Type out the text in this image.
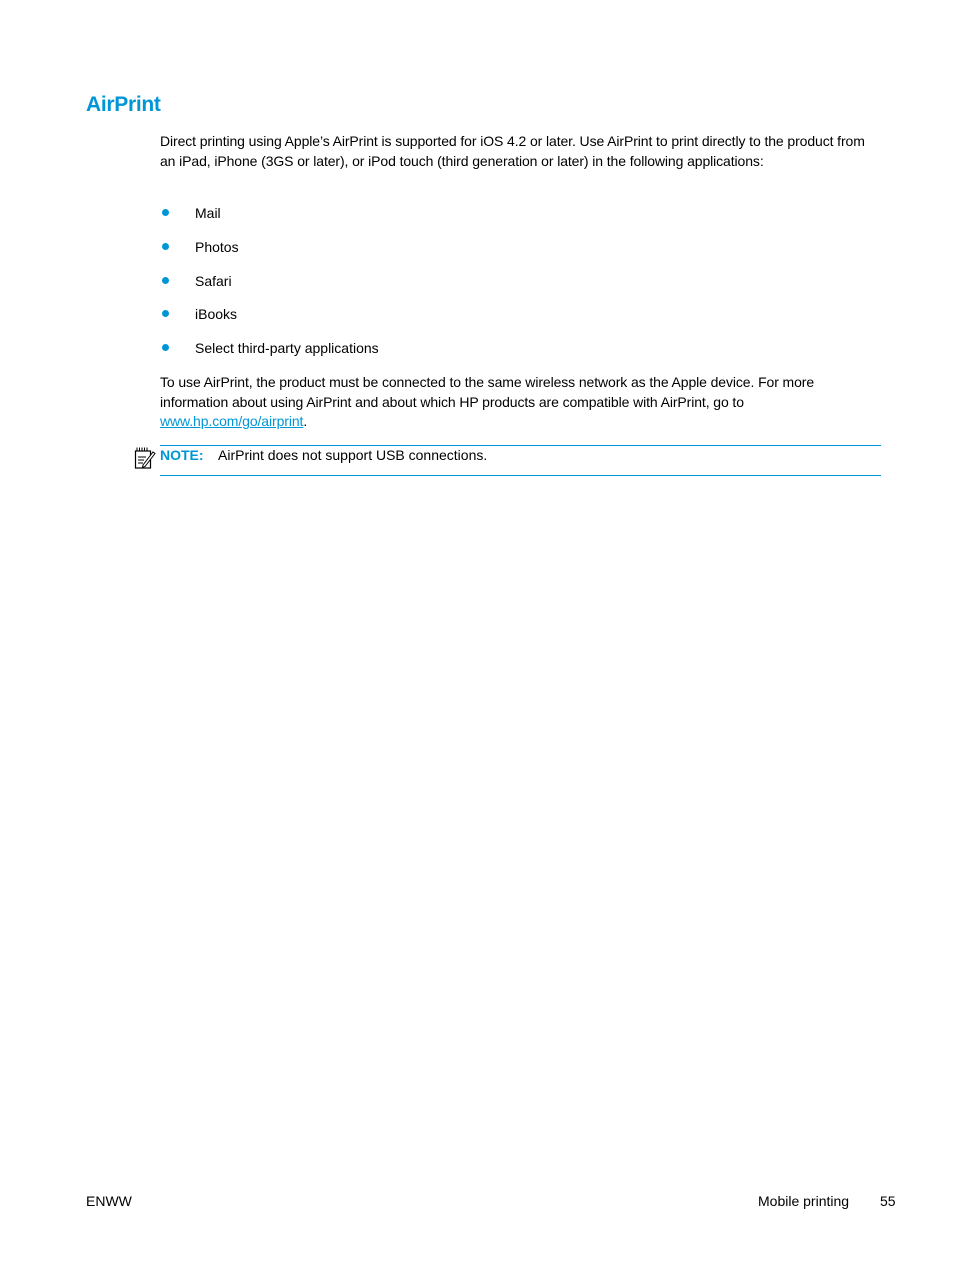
AirPrint

Direct printing using Apple’s AirPrint is supported for iOS 4.2 or later. Use AirPrint to print directly to the product from an iPad, iPhone (3GS or later), or iPod touch (third generation or later) in the following applications:

Mail
Photos
Safari
iBooks
Select third-party applications

To use AirPrint, the product must be connected to the same wireless network as the Apple device. For more information about using AirPrint and about which HP products are compatible with AirPrint, go to www.hp.com/go/airprint.

NOTE: AirPrint does not support USB connections.
ENWW	Mobile printing 55
